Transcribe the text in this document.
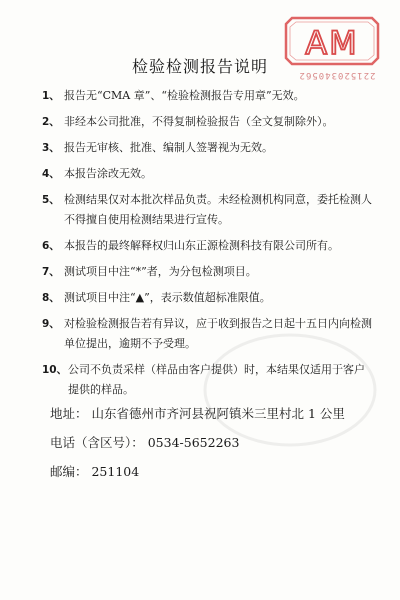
AM
221520340562
检验检测报告说明
1、 报告无“CMA 章”、“检验检测报告专用章”无效。
2、 非经本公司批准，不得复制检验报告（全文复制除外）。
3、 报告无审核、批准、编制人签署视为无效。
4、 本报告涂改无效。
5、 检测结果仅对本批次样品负责。未经检测机构同意，委托检测人不得擅自使用检测结果进行宣传。
6、 本报告的最终解释权归山东正源检测科技有限公司所有。
7、 测试项目中注“*”者，为分包检测项目。
8、 测试项目中注“▲”，表示数值超标准限值。
9、 对检验检测报告若有异议，应于收到报告之日起十五日内向检测单位提出，逾期不予受理。
10、 公司不负责采样（样品由客户提供）时，本结果仅适用于客户提供的样品。
地址： 山东省德州市齐河县祝阿镇米三里村北 1 公里
电话（含区号）： 0534-5652263
邮编： 251104
